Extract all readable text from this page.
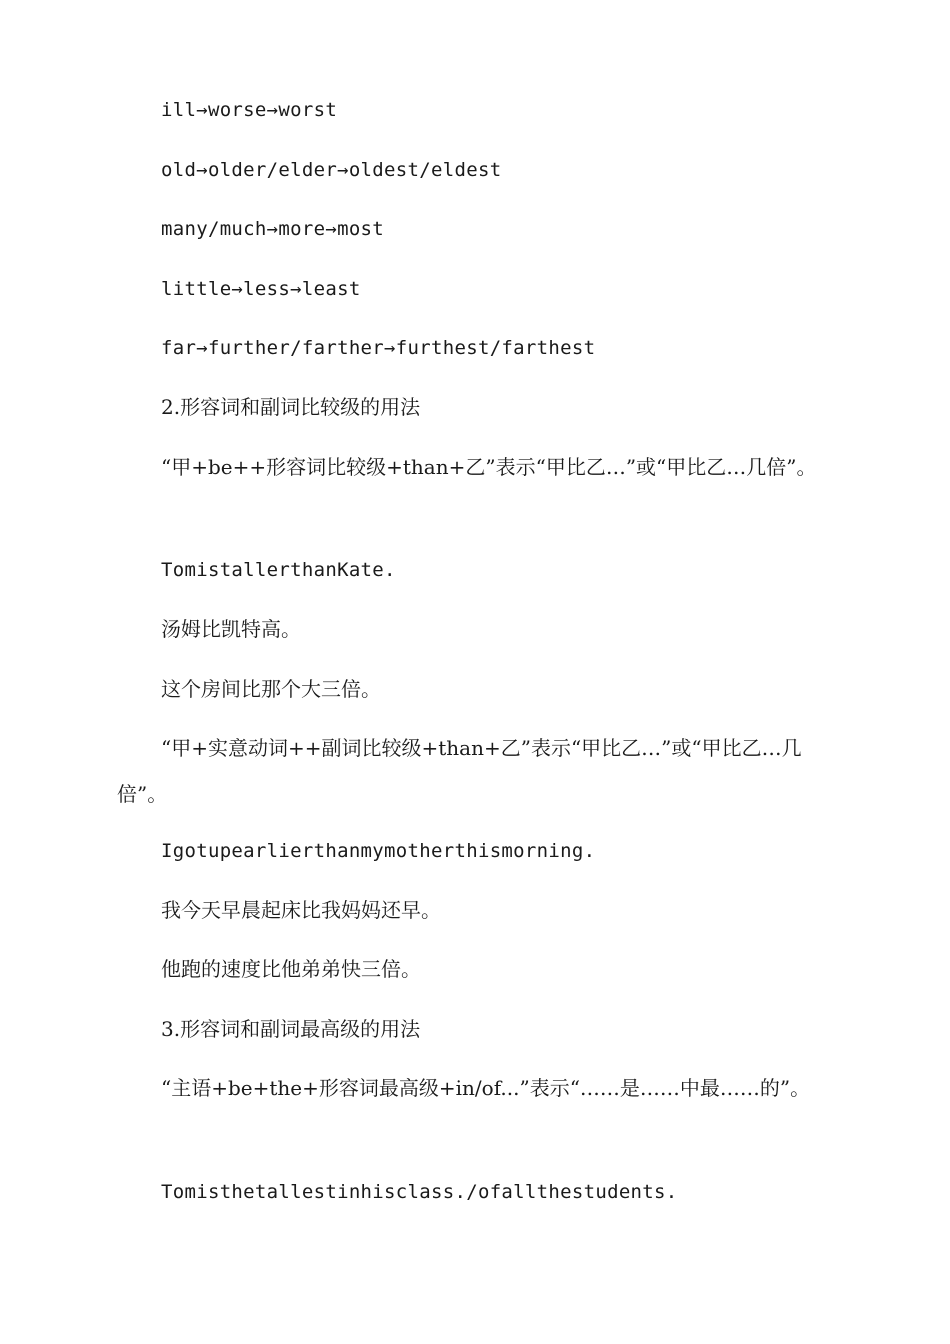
ill→worse→worst
old→older/elder→oldest/eldest
many/much→more→most
little→less→least
far→further/farther→furthest/farthest
2.形容词和副词比较级的用法
“甲+be++形容词比较级+than+乙”表示“甲比乙…”或“甲比乙…几倍”。
TomistallerthanKate.
汤姆比凯特高。
这个房间比那个大三倍。
“甲+实意动词++副词比较级+than+乙”表示“甲比乙…”或“甲比乙…几倍”。
Igotupearlierthanmymotherthismorning.
我今天早晨起床比我妈妈还早。
他跑的速度比他弟弟快三倍。
3.形容词和副词最高级的用法
“主语+be+the+形容词最高级+in/of...”表示“……是……中最……的”。
Tomisthetallestinhisclass./ofallthestudents.
